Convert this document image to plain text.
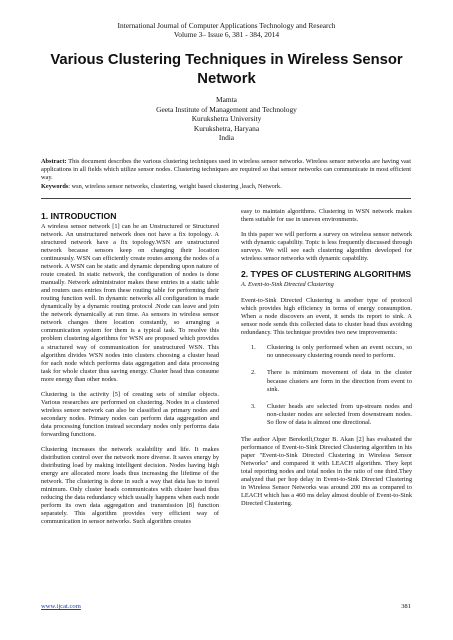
International Journal of Computer Applications Technology and Research
Volume 3– Issue 6, 381 - 384, 2014
Various Clustering Techniques in Wireless Sensor Network
Mamta
Geeta Institute of Management and Technology
Kurukshetra University
Kurukshetra, Haryana
India
Abstract: This document describes the various clustering techniques used in wireless sensor networks. Wireless sensor networks are having vast applications in all fields which utilize sensor nodes. Clustering techniques are required so that sensor networks can communicate in most efficient way.
Keywords: wsn, wireless sensor networks, clustering, weight based clustering ,leach, Network.
1. INTRODUCTION

A wireless sensor network [1] can be an Unstructured or Structured network. An unstructured network does not have a fix topology. A structured network have a fix topology.WSN are unstructured network because sensors keep on changing their location continuously. WSN can efficiently create routes among the nodes of a network. A WSN can be static and dynamic depending upon nature of route created. In static network, the configuration of nodes is done manually. Network administrator makes these entries in a static table and routers uses entries from these routing table for performing their routing function well. In dynamic networks all configuration is made dynamically by a dynamic routing protocol .Node can leave and join the network dynamically at run time. As sensors in wireless sensor network changes there location constantly, so arranging a communication system for them is a typical task. To resolve this problem clustering algorithms for WSN are proposed which provides a structured way of communication for unstructured WSN. This algorithm divides WSN nodes into clusters choosing a cluster head for each node which performs data aggregation and data processing task for whole cluster thus saving energy. Cluster head thus consume more energy than other nodes.

Clustering is the activity [5] of creating sets of similar objects. Various researches are performed on clustering. Nodes in a clustered wireless sensor network can also be classified as primary nodes and secondary nodes. Primary nodes can perform data aggregation and data processing function instead secondary nodes only performs data forwarding functions.

Clustering increases the network scalability and life. It makes distribution control over the network more diverse. It saves energy by distributing load by making intelligent decision. Nodes having high energy are allocated more loads thus increasing the lifetime of the network. The clustering is done in such a way that data has to travel minimum. Only cluster heads communicates with cluster head thus reducing the data redundancy which usually happens when each node perform its own data aggregation and transmission [8] function separately. This algorithm provides very efficient way of communication in sensor networks. Such algorithm creates

easy to maintain algorithms. Clustering in WSN network makes them suitable for use in uneven environments.

In this paper we will perform a survey on wireless sensor network with dynamic capability. Topic is less frequently discussed through surveys. We will see each clustering algorithm developed for wireless sensor networks with dynamic capability.

2. TYPES OF CLUSTERING ALGORITHMS
A. Event-to-Sink Directed Clustering

Event-to-Sink Directed Clustering is another type of protocol which provides high efficiency in terms of energy consumption. When a node discovers an event, it sends its report to sink. A sensor node sends this collected data to cluster head thus avoiding redundancy. This technique provides two new improvements:

1. Clustering is only performed when an event occurs, so no unnecessary clustering rounds need to perform.
2. There is minimum movement of data in the cluster because clusters are form in the direction from event to sink.
3. Cluster heads are selected from up-stream nodes and non-cluster nodes are selected from downstream nodes. So flow of data is almost one directional.

The author Alper Bereketli,Ozgur B. Akan [2] has evaluated the performance of Event-to-Sink Directed Clustering algorithm in his paper "Event-to-Sink Directed Clustering in Wireless Sensor Networks" and compared it with LEACH algorithm. They kept total reporting nodes and total nodes in the ratio of one third.They analyzed that per hop delay in Event-to-Sink Directed Clustering in Wireless Sensor Networks was around 200 ms as compared to LEACH which has a 460 ms delay almost double of Event-to-Sink Directed Clustering.

www.ijcat.com	381
